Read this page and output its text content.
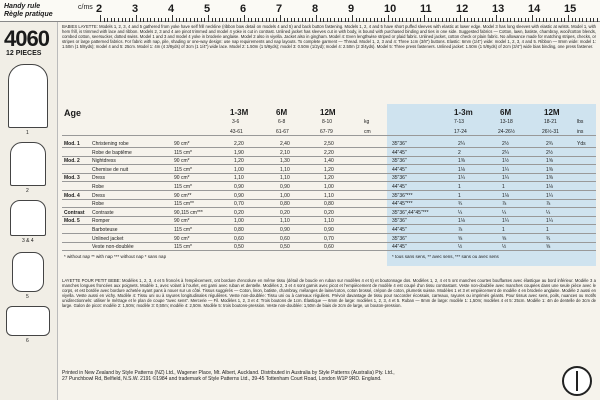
Handy rule
Règle pratique
c/ms 2	3	4	5	6	7	8	9	10 11 12 13 14 15
4060
12 PIECES
1
2
3 & 4
5
6
BABIES LAYETTE: Models 1, 2, 3, 4 and 5 gathered from yoke have self frill neckline (ribbon bow detail on models 4 and 5) and back button fastening. Models 1, 2, 4 and 5 have short puffed sleeves with elastic at lower edge. Model 3 has long sleeves with elastic at wrists. Model 1, with hem frill, is trimmed with lace and ribbon. Models 2, 3 and 4 are pinot trimmed and model 4 yoke is cut in contrast. Unlined jacket has sleeves cut in with body, is bound with purchased binding and ties in one side. Suggested fabrics — Cotton, lawn, batiste, chambray, wool/cotton blends, combed cotton, seersucker, dotted swiss. Model 1 and 3 and model 4 yoke in broderie anglaise. Model 2 also in viyella. Jacket also in gingham. Model 4: Even lengthwise striped or plaid fabric. Unlined jacket, cotton check or plain fabric. No allowance made for matching stripes, checks, or stripes or large patterned fabrics. For fabric with nap, pile, shading or one-way design: use nap requirements and nap layouts. To complete garment — Thread. Model 1, 2, 3 and 4: Three 1cm (3/8") buttons. Elastic: 6mm (1/4") wide: model 1, 2, 3, 4 and 5. Ribbon — 8mm wide: model 1: 1.50m (1 5/8yds); model 4 and 5: 25cm. Model 1: 4m (4 3/8yds) of 3cm (1 1/4") wide lace. Model 2: 1.50m (1 5/8yds); model 3: 0.50m (1/2yd); model 4: 2.50m (2 3/4yds). Model 5: Three press fasteners. Unlined jacket: 1.50m (1 5/8yds) of 2cm (3/4") wide bias binding, one press fastener.
Age	1-3M	6M	12M	1-3m	6M	12M
3-6	6-8	8-10	kg	7-13	13-18	18-21	lbs
43-61	61-67	67-79	cm	17-24	24-26½	26½-31	ins
Mod. 1 Christening robe	90 cm*	2,20	2,40	2,50	35"36"	2¼	2½	2¾	Yds
Robe de baptême	115 cm*	1,90	2,10	2,20	44"45"	2	2¼	2½
Mod. 2 Nightdress	90 cm*	1,20	1,30	1,40	35"36"	1⅜	1½	1⅝
Chemise de nuit	115 cm*	1,00	1,10	1,20	44"45"	1⅛	1¼	1⅜
Mod. 3 Dress	90 cm*	1,10	1,10	1,20	35"36"	1¼	1¼	1⅜
Robe	115 cm*	0,90	0,90	1,00	44"45"	1	1	1⅛
Mod. 4 Dress	90 cm**	0,90	1,00	1,10	35"36"***	1	1⅛	1¼
Robe	115 cm**	0,70	0,80	0,80	44"45"***	¾	⅞	⅞
Contrast Contraste	90,115 cm***	0,20	0,20	0,20	35"36",44"45"***	¼	¼	¼
Mod. 5 Romper	90 cm*	1,00	1,10	1,10	35"36"	1⅛	1¼	1¼
Barboteuse	115 cm*	0,80	0,90	0,90	44"45"	⅞	1	1
Unlined jacket	90 cm*	0,60	0,60	0,70	35"36"	⅝	⅝	¾
Veste non-doublée	115 cm*	0,50	0,50	0,60	44"45"	½	½	⅝
* without nap ** with nap *** without nap * sans nap	* tous sans sens, ** avec sens, *** sans ou avec sens
LAYETTE POUR PETIT BEBE: Modèles 1, 2, 3, 4 et 5 froncés à l'empiècement, ont bordure d'encolure en même tissu (détail de boucle en ruban sur modèles 4 et 5) et boutonnage dos. Modèles 1, 2, 4 et 5 ont manches courtes bouffantes avec élastique au bord inférieur. Modèle 3 a manches longues froncées aux poignets. Modèle 1, avec volant à l'ourlet, est garni avec ruban et dentelle. Modèles 2, 3 et 4 sont garnis avec picot et l'empiècement de modèle 4 est coupé d'un tissu contrastant. Veste non-doublée avec manches coupées dans une seule pièce avec le corps, et est bordée avec bordure achetée ayant pans à nouer sur un côté. Tissus suggérés — Coton, linon, batiste, chambray, mélanges de laine/coton, coton brossé, crépon de coton, plumetis suisse. Modèles 1 et 3 et empiècement de modèle 4 en broderie anglaise. Modèle 2 aussi en viyella. Veste aussi en vichy. Modèle 4: Tissu uni ou à rayures longitudinales régulières. Veste non-doublée: Tissu uni ou à carreaux réguliers. Prévoir davantage de tissu pour raccorder écossais, carreaux, rayures ou imprimés géants. Pour tissus avec sens, poils, nuances ou motifs unidirectionnels: utiliser le métrage et le plan de coupe "avec sens". Mercerie — Fil. Modèles 1, 2, 3 et 4: Trois boutons de 1cm. Élastique — 6mm de large: modèles 1, 2, 3, 4 et 5. Ruban — 8mm de large: modèle 1: 1,50m; modèles 4 et 5: 25cm. Modèle 1: 4m de dentelle de 3cm de large. Galon de picot: modèle 2: 1,50m; modèle 3: 0,50m; modèle 4: 2,50m. Modèle 5: trois boutons-pression. Veste non-doublée: 1,50m de biais de 2cm de large, un bouton-pression.
Printed in New Zealand by Style Patterns (NZ) Ltd., Wagener Place, Mt. Albert, Auckland. Distributed in Australia by Style Patterns (Australia) Pty. Ltd.,
27 Punchbowl Rd, Belfield, N.S.W. 2191 ©1984 and trademark of Style Patterns Ltd., 39-45 Tottenham Court Road, London W1P 9RD. England.
